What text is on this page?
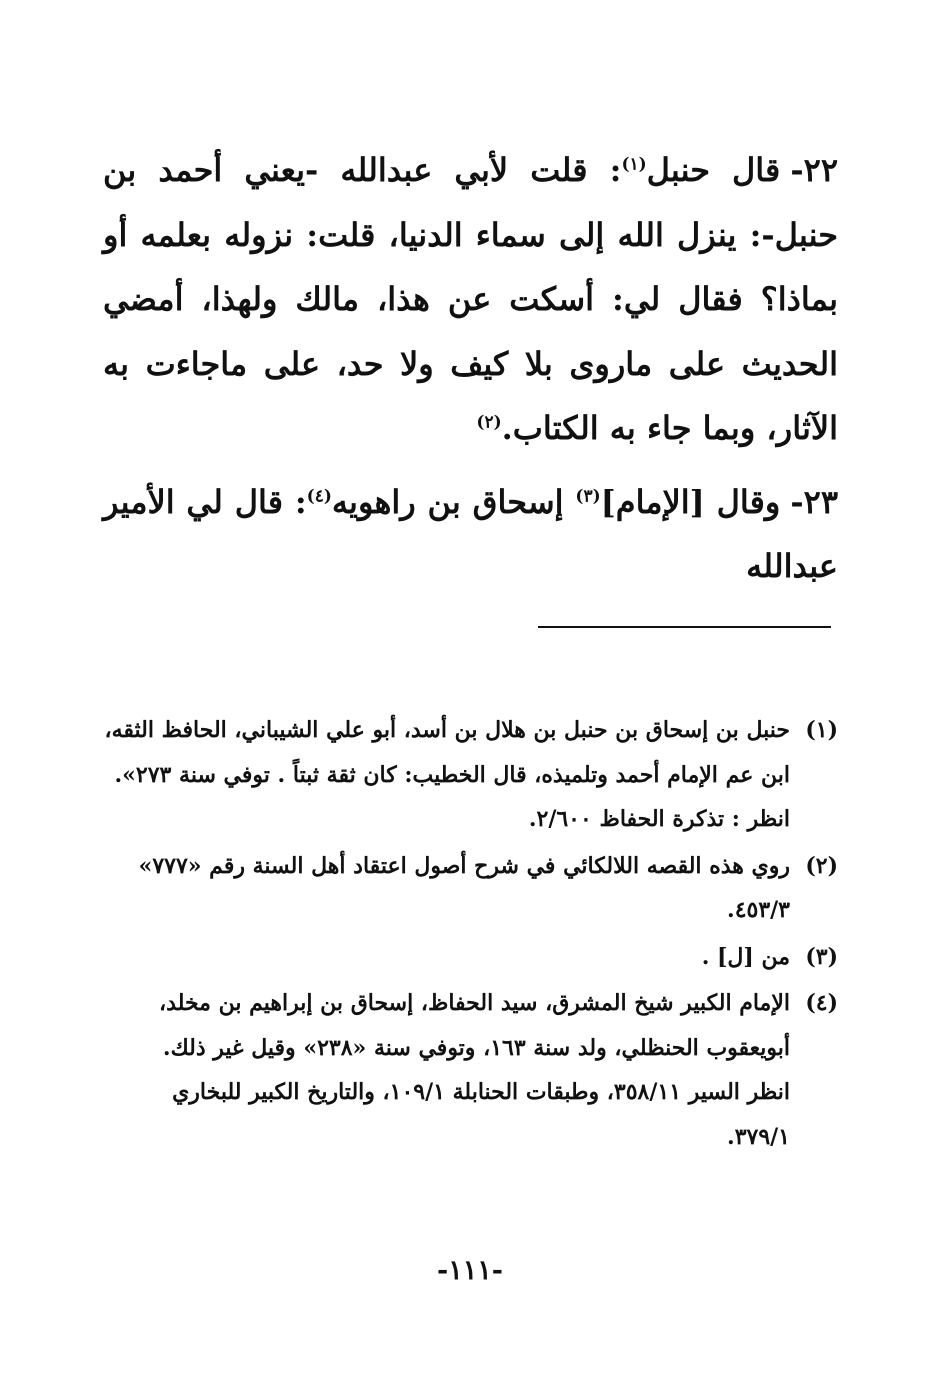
٢٢-قال حنبل$^{(١)}$: قلت لأبي عبدالله -يعني أحمد بن حنبل-: ينزل الله إلى سماء الدنيا، قلت: نزوله بعلمه أو بماذا؟ فقال لي: أسكت عن هذا، مالك ولهذا، أمضي الحديث على ماروى بلا كيف ولا حد، على ماجاءت به الآثار، وبما جاء به الكتاب.$^{(٢)}$

٢٣-وقال [الإمام]$^{(٣)}$ إسحاق بن راهويه$^{(٤)}$: قال لي الأمير عبدالله

(١)
حنبل بن إسحاق بن حنبل بن هلال بن أسد، أبو علي الشيباني، الحافظ الثقه، ابن عم الإمام أحمد وتلميذه، قال الخطيب: كان ثقة ثبتاً . توفي سنة ٢٧٣».
انظر : تذكرة الحفاظ ٢/٦٠٠.
(٢)
روي هذه القصه اللالكائي في شرح أصول اعتقاد أهل السنة رقم «٧٧٧» ٤٥٣/٣.
(٣)
من [ل] .
(٤)
الإمام الكبير شيخ المشرق، سيد الحفاظ، إسحاق بن إبراهيم بن مخلد، أبويعقوب الحنظلي، ولد سنة ١٦٣، وتوفي سنة «٢٣٨» وقيل غير ذلك.
انظر السير ٣٥٨/١١، وطبقات الحنابلة ١٠٩/١، والتاريخ الكبير للبخاري ٣٧٩/١.
-١١١-
